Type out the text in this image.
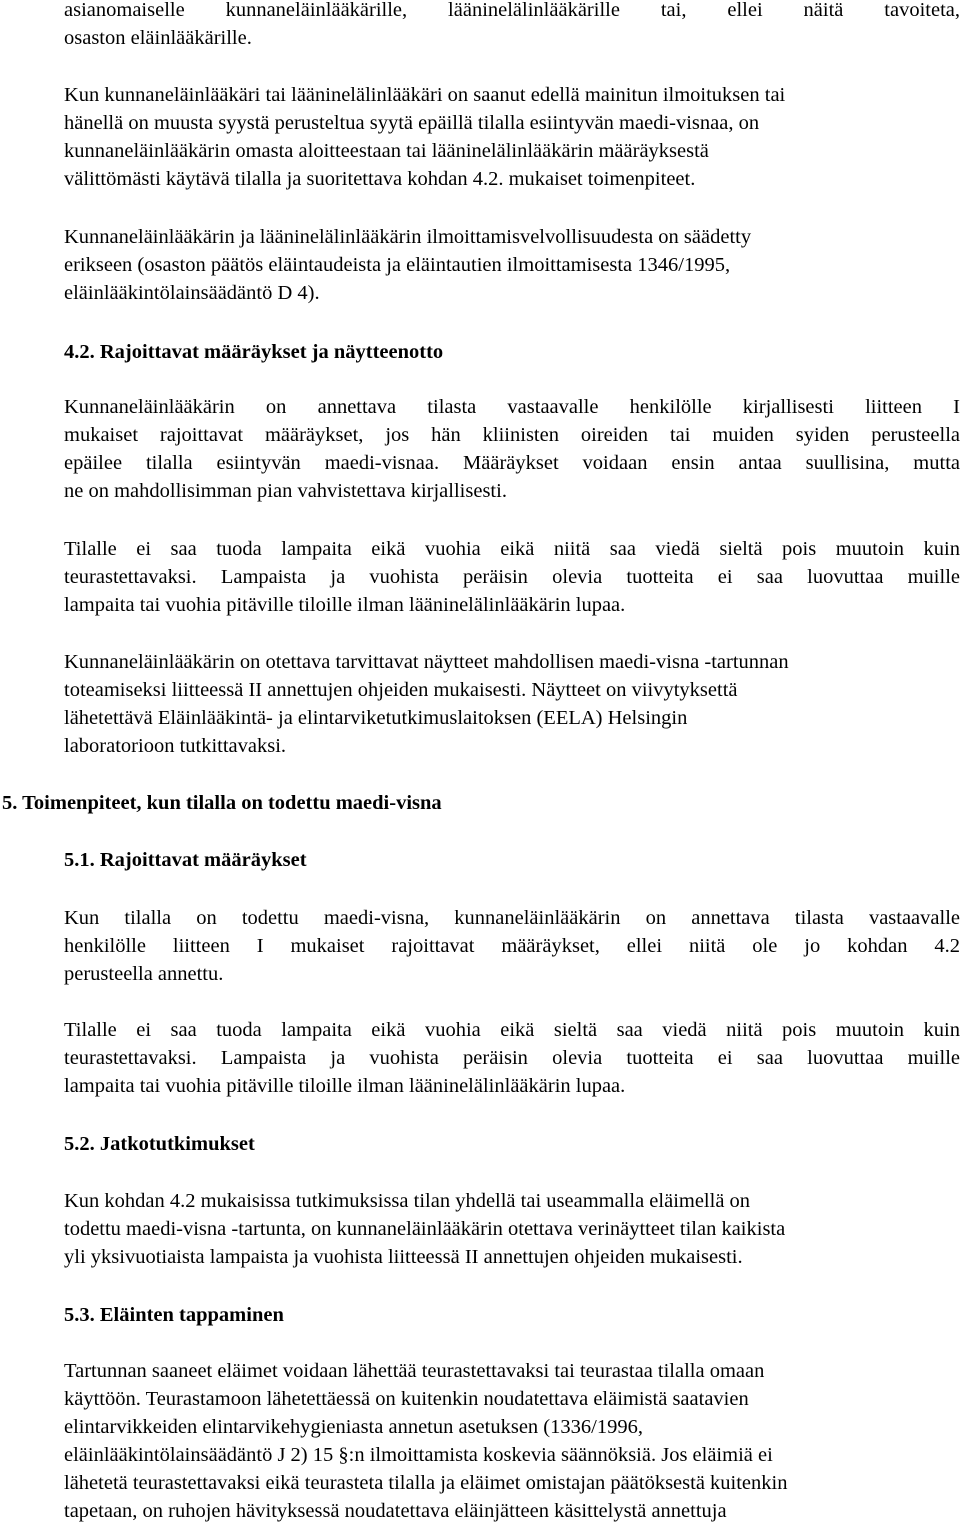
asianomaiselle kunnaneläinlääkärille, lääninelälinlääkärille tai, ellei näitä tavoiteta,
osaston eläinlääkärille.
Kun kunnaneläinlääkäri tai lääninelälinlääkäri on saanut edellä mainitun ilmoituksen tai
hänellä on muusta syystä perusteltua syytä epäillä tilalla esiintyvän maedi-visnaa, on
kunnaneläinlääkärin omasta aloitteestaan tai lääninelälinlääkärin määräyksestä
välittömästi käytävä tilalla ja suoritettava kohdan 4.2. mukaiset toimenpiteet.
Kunnaneläinlääkärin ja lääninelälinlääkärin ilmoittamisvelvollisuudesta on säädetty
erikseen (osaston päätös eläintaudeista ja eläintautien ilmoittamisesta 1346/1995,
eläinlääkintölainsäädäntö D 4).
4.2. Rajoittavat määräykset ja näytteenotto
Kunnaneläinlääkärin on annettava tilasta vastaavalle henkilölle kirjallisesti liitteen I
mukaiset rajoittavat määräykset, jos hän kliinisten oireiden tai muiden syiden perusteella
epäilee tilalla esiintyvän maedi-visnaa. Määräykset voidaan ensin antaa suullisina, mutta
ne on mahdollisimman pian vahvistettava kirjallisesti.
Tilalle ei saa tuoda lampaita eikä vuohia eikä niitä saa viedä sieltä pois muutoin kuin
teurastettavaksi. Lampaista ja vuohista peräisin olevia tuotteita ei saa luovuttaa muille
lampaita tai vuohia pitäville tiloille ilman lääninelälinlääkärin lupaa.
Kunnaneläinlääkärin on otettava tarvittavat näytteet mahdollisen maedi-visna -tartunnan
toteamiseksi liitteessä II annettujen ohjeiden mukaisesti. Näytteet on viivytyksettä
lähetettävä Eläinlääkintä- ja elintarviketutkimuslaitoksen (EELA) Helsingin
laboratorioon tutkittavaksi.
5. Toimenpiteet, kun tilalla on todettu maedi-visna
5.1. Rajoittavat määräykset
Kun tilalla on todettu maedi-visna, kunnaneläinlääkärin on annettava tilasta vastaavalle
henkilölle liitteen I mukaiset rajoittavat määräykset, ellei niitä ole jo kohdan 4.2
perusteella annettu.
Tilalle ei saa tuoda lampaita eikä vuohia eikä sieltä saa viedä niitä pois muutoin kuin
teurastettavaksi. Lampaista ja vuohista peräisin olevia tuotteita ei saa luovuttaa muille
lampaita tai vuohia pitäville tiloille ilman lääninelälinlääkärin lupaa.
5.2. Jatkotutkimukset
Kun kohdan 4.2 mukaisissa tutkimuksissa tilan yhdellä tai useammalla eläimellä on
todettu maedi-visna -tartunta, on kunnaneläinlääkärin otettava verinäytteet tilan kaikista
yli yksivuotiaista lampaista ja vuohista liitteessä II annettujen ohjeiden mukaisesti.
5.3. Eläinten tappaminen
Tartunnan saaneet eläimet voidaan lähettää teurastettavaksi tai teurastaa tilalla omaan
käyttöön. Teurastamoon lähetettäessä on kuitenkin noudatettava eläimistä saatavien
elintarvikkeiden elintarvikehygieniasta annetun asetuksen (1336/1996,
eläinlääkintölainsäädäntö J 2) 15 §:n ilmoittamista koskevia säännöksiä. Jos eläimiä ei
lähetetä teurastettavaksi eikä teurasteta tilalla ja eläimet omistajan päätöksestä kuitenkin
tapetaan, on ruhojen hävityksessä noudatettava eläinjätteen käsittelystä annettuja
